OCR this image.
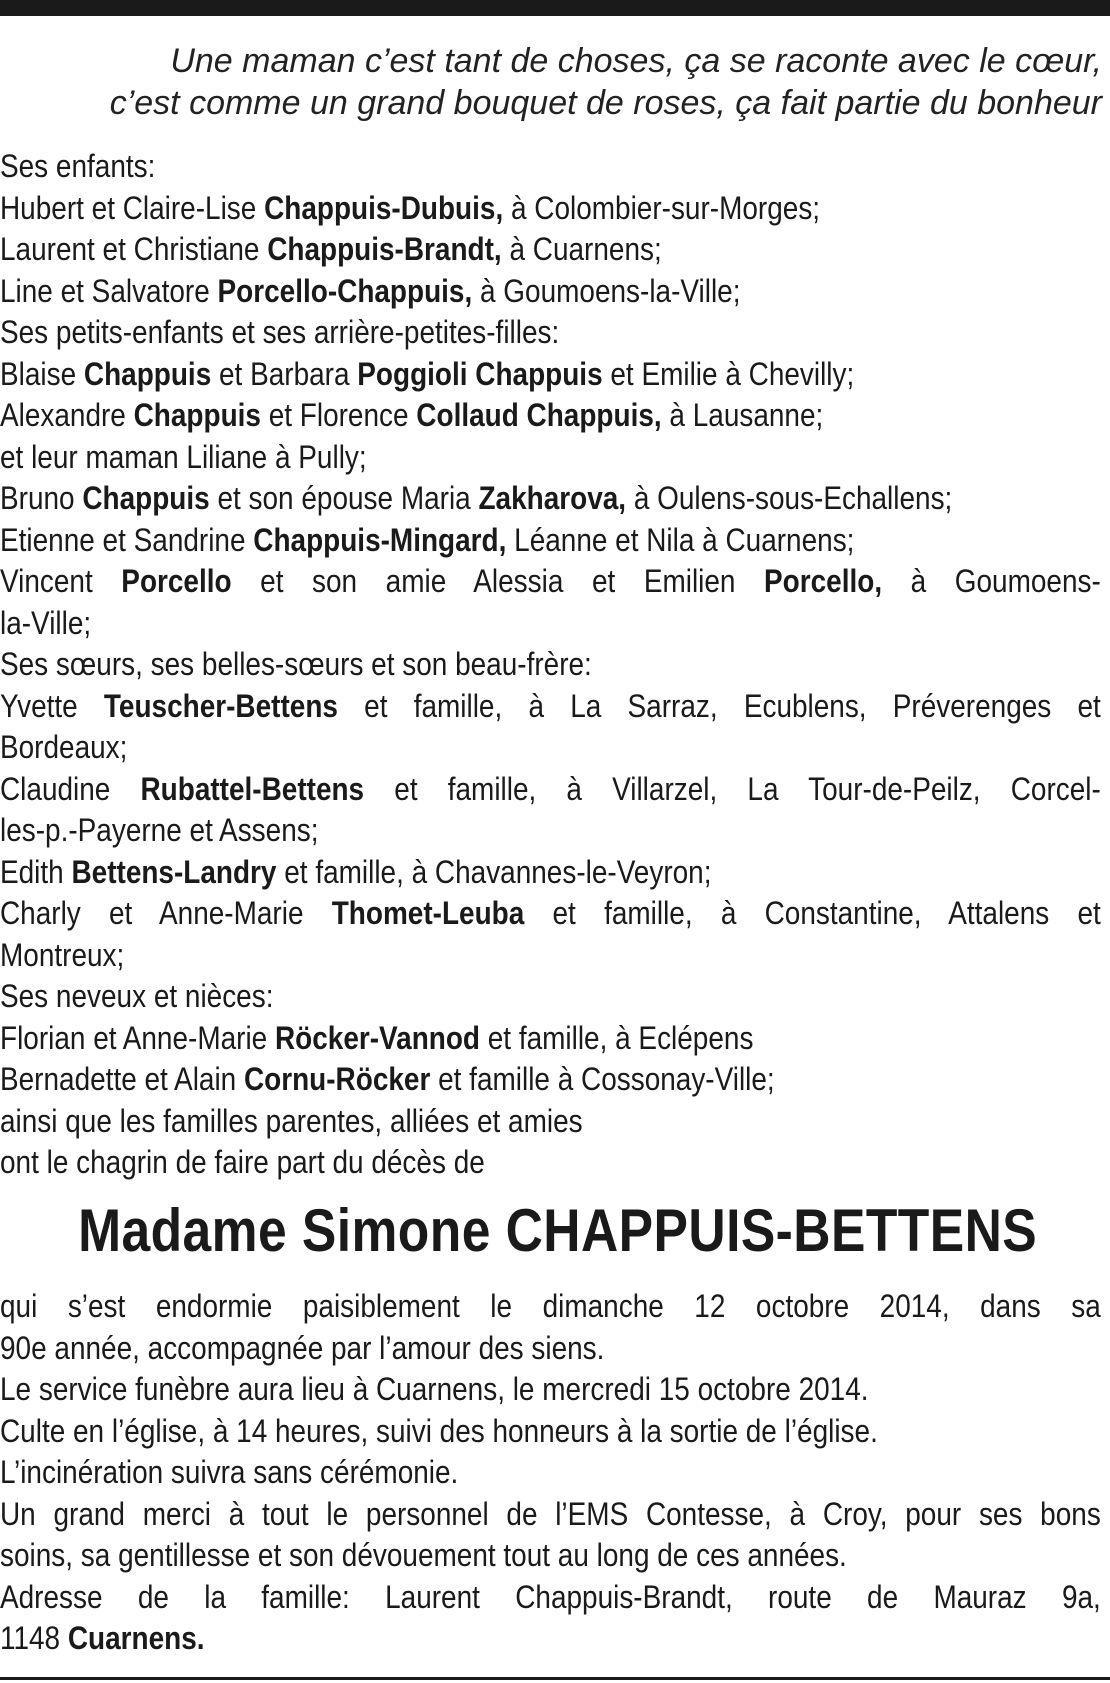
Une maman c’est tant de choses, ça se raconte avec le cœur,
c’est comme un grand bouquet de roses, ça fait partie du bonheur
Ses enfants:
Hubert et Claire-Lise Chappuis-Dubuis, à Colombier-sur-Morges;
Laurent et Christiane Chappuis-Brandt, à Cuarnens;
Line et Salvatore Porcello-Chappuis, à Goumoens-la-Ville;
Ses petits-enfants et ses arrière-petites-filles:
Blaise Chappuis et Barbara Poggioli Chappuis et Emilie à Chevilly;
Alexandre Chappuis et Florence Collaud Chappuis, à Lausanne;
et leur maman Liliane à Pully;
Bruno Chappuis et son épouse Maria Zakharova, à Oulens-sous-Echallens;
Etienne et Sandrine Chappuis-Mingard, Léanne et Nila à Cuarnens;
Vincent Porcello et son amie Alessia et Emilien Porcello, à Goumoens-
la-Ville;
Ses sœurs, ses belles-sœurs et son beau-frère:
Yvette Teuscher-Bettens et famille, à La Sarraz, Ecublens, Préverenges et
Bordeaux;
Claudine Rubattel-Bettens et famille, à Villarzel, La Tour-de-Peilz, Corcel-
les-p.-Payerne et Assens;
Edith Bettens-Landry et famille, à Chavannes-le-Veyron;
Charly et Anne-Marie Thomet-Leuba et famille, à Constantine, Attalens et
Montreux;
Ses neveux et nièces:
Florian et Anne-Marie Röcker-Vannod et famille, à Eclépens
Bernadette et Alain Cornu-Röcker et famille à Cossonay-Ville;
ainsi que les familles parentes, alliées et amies
ont le chagrin de faire part du décès de
Madame Simone CHAPPUIS-BETTENS
qui s’est endormie paisiblement le dimanche 12 octobre 2014, dans sa
90e année, accompagnée par l’amour des siens.
Le service funèbre aura lieu à Cuarnens, le mercredi 15 octobre 2014.
Culte en l’église, à 14 heures, suivi des honneurs à la sortie de l’église.
L’incinération suivra sans cérémonie.
Un grand merci à tout le personnel de l’EMS Contesse, à Croy, pour ses bons
soins, sa gentillesse et son dévouement tout au long de ces années.
Adresse de la famille: Laurent Chappuis-Brandt, route de Mauraz 9a,
1148 Cuarnens.
